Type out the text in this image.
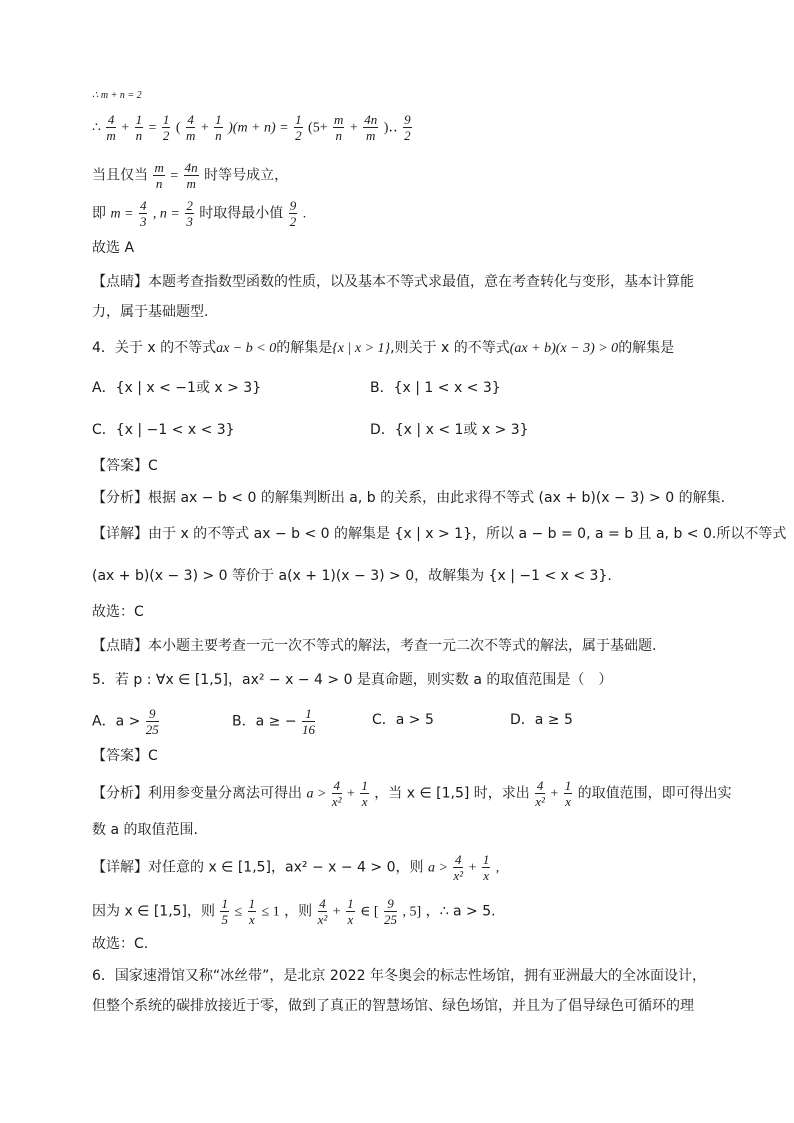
∴ m + n = 2
∴ $\frac{4}{m} + \frac{1}{n} = \frac{1}{2}$ ( $\frac{4}{m} + \frac{1}{n} )(m + n) = \frac{1}{2} (5+ \frac{m}{n} + \frac{4n}{m}$ )‥ $\frac{9}{2}$
当且仅当 $\frac{m}{n} = \frac{4n}{m}$ 时等号成立，
即 $m = \frac{4}{3}$ , $n = \frac{2}{3}$ 时取得最小值 $\frac{9}{2}$ .
故选 A
【点睛】本题考查指数型函数的性质，以及基本不等式求最值，意在考查转化与变形，基本计算能
力，属于基础题型.
4．关于 x 的不等式ax − b < 0的解集是{x | x > 1},则关于 x 的不等式(ax + b)(x − 3) > 0的解集是
A．{x | x < −1或 x > 3}	B．{x | 1 < x < 3}
C．{x | −1 < x < 3}	D．{x | x < 1或 x > 3}
【答案】C
【分析】根据 ax − b < 0 的解集判断出 a, b 的关系，由此求得不等式 (ax + b)(x − 3) > 0 的解集.
【详解】由于 x 的不等式 ax − b < 0 的解集是 {x | x > 1}，所以 a − b = 0, a = b 且 a, b < 0.所以不等式
(ax + b)(x − 3) > 0 等价于 a(x + 1)(x − 3) > 0，故解集为 {x | −1 < x < 3}.
故选：C
【点睛】本小题主要考查一元一次不等式的解法，考查一元二次不等式的解法，属于基础题.
5．若 p : ∀x ∈ [1,5]，ax² − x − 4 > 0 是真命题，则实数 a 的取值范围是（　）
A．$a > \frac{9}{25}$	B．a ≥ − $\frac{1}{16}$	C．a > 5	D．a ≥ 5
【答案】C
【分析】利用参变量分离法可得出 $a > \frac{4}{\text{x²}} + \frac{1}{x}$ ，当 x ∈ [1,5] 时，求出 $\frac{4}{\text{x²}} + \frac{1}{x}$ 的取值范围，即可得出实
数 a 的取值范围.
【详解】对任意的 x ∈ [1,5]，ax² − x − 4 > 0，则 $a > \frac{4}{\text{x²}} + \frac{1}{x}$ ,
因为 x ∈ [1,5]，则 $\frac{1}{5} \le \frac{1}{x} \le 1$ ，则 $\frac{4}{\text{x²}} + \frac{1}{x}$ ∈ [ $\frac{9}{25}$ , 5] ，∴ a > 5.
故选：C.
6．国家速滑馆又称“冰丝带”，是北京 2022 年冬奥会的标志性场馆，拥有亚洲最大的全冰面设计，
但整个系统的碳排放接近于零，做到了真正的智慧场馆、绿色场馆，并且为了倡导绿色可循环的理
